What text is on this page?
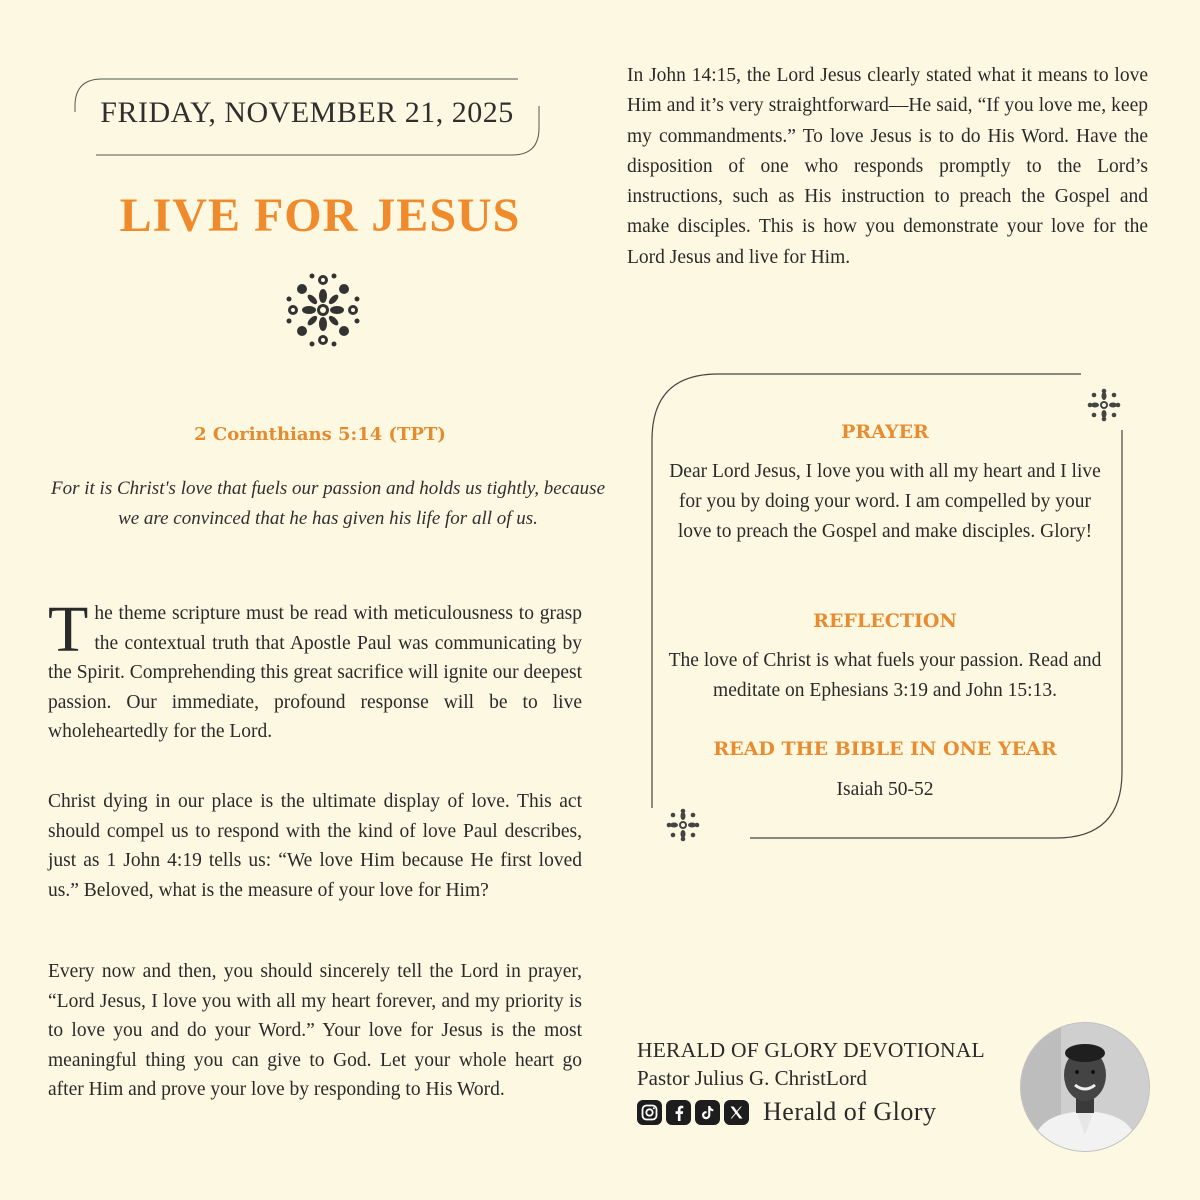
FRIDAY, NOVEMBER 21, 2025
LIVE FOR JESUS
2 Corinthians 5:14 (TPT)
For it is Christ's love that fuels our passion and holds us tightly, because we are convinced that he has given his life for all of us.
The theme scripture must be read with meticulousness to grasp the contextual truth that Apostle Paul was communicating by the Spirit. Comprehending this great sacrifice will ignite our deepest passion. Our immediate, profound response will be to live wholeheartedly for the Lord.
Christ dying in our place is the ultimate display of love. This act should compel us to respond with the kind of love Paul describes, just as 1 John 4:19 tells us: “We love Him because He first loved us.” Beloved, what is the measure of your love for Him?
Every now and then, you should sincerely tell the Lord in prayer, “Lord Jesus, I love you with all my heart forever, and my priority is to love you and do your Word.” Your love for Jesus is the most meaningful thing you can give to God. Let your whole heart go after Him and prove your love by responding to His Word.
In John 14:15, the Lord Jesus clearly stated what it means to love Him and it’s very straightforward—He said, “If you love me, keep my commandments.” To love Jesus is to do His Word. Have the disposition of one who responds promptly to the Lord’s instructions, such as His instruction to preach the Gospel and make disciples. This is how you demonstrate your love for the Lord Jesus and live for Him.
PRAYER
Dear Lord Jesus, I love you with all my heart and I live for you by doing your word. I am compelled by your love to preach the Gospel and make disciples. Glory!
REFLECTION
The love of Christ is what fuels your passion. Read and meditate on Ephesians 3:19 and John 15:13.
READ THE BIBLE IN ONE YEAR
Isaiah 50-52
HERALD OF GLORY DEVOTIONAL
Pastor Julius G. ChristLord
Herald of Glory
